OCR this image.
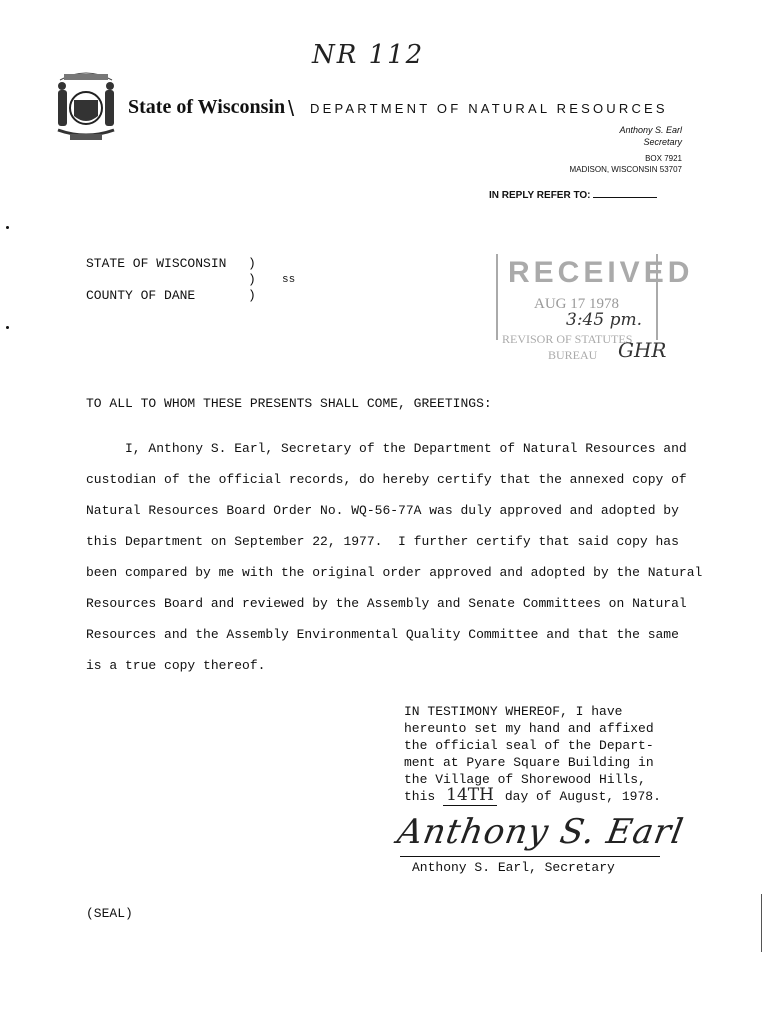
NR 112
State of Wisconsin \ DEPARTMENT OF NATURAL RESOURCES
Anthony S. Earl
Secretary
BOX 7921
MADISON, WISCONSIN 53707
IN REPLY REFER TO:
STATE OF WISCONSIN
COUNTY OF DANE
)
)
)
ss	RECEIVED
AUG 17 1978
3:45 pm.
REVISOR OF STATUTES
BUREAU GHR
TO ALL TO WHOM THESE PRESENTS SHALL COME, GREETINGS:
I, Anthony S. Earl, Secretary of the Department of Natural Resources and
custodian of the official records, do hereby certify that the annexed copy of
Natural Resources Board Order No. WQ-56-77A was duly approved and adopted by
this Department on September 22, 1977.  I further certify that said copy has
been compared by me with the original order approved and adopted by the Natural
Resources Board and reviewed by the Assembly and Senate Committees on Natural
Resources and the Assembly Environmental Quality Committee and that the same
is a true copy thereof.
IN TESTIMONY WHEREOF, I have
hereunto set my hand and affixed
the official seal of the Depart-
ment at Pyare Square Building in
the Village of Shorewood Hills,
this 14TH day of August, 1978.
Anthony S. Earl
Anthony S. Earl, Secretary
(SEAL)
